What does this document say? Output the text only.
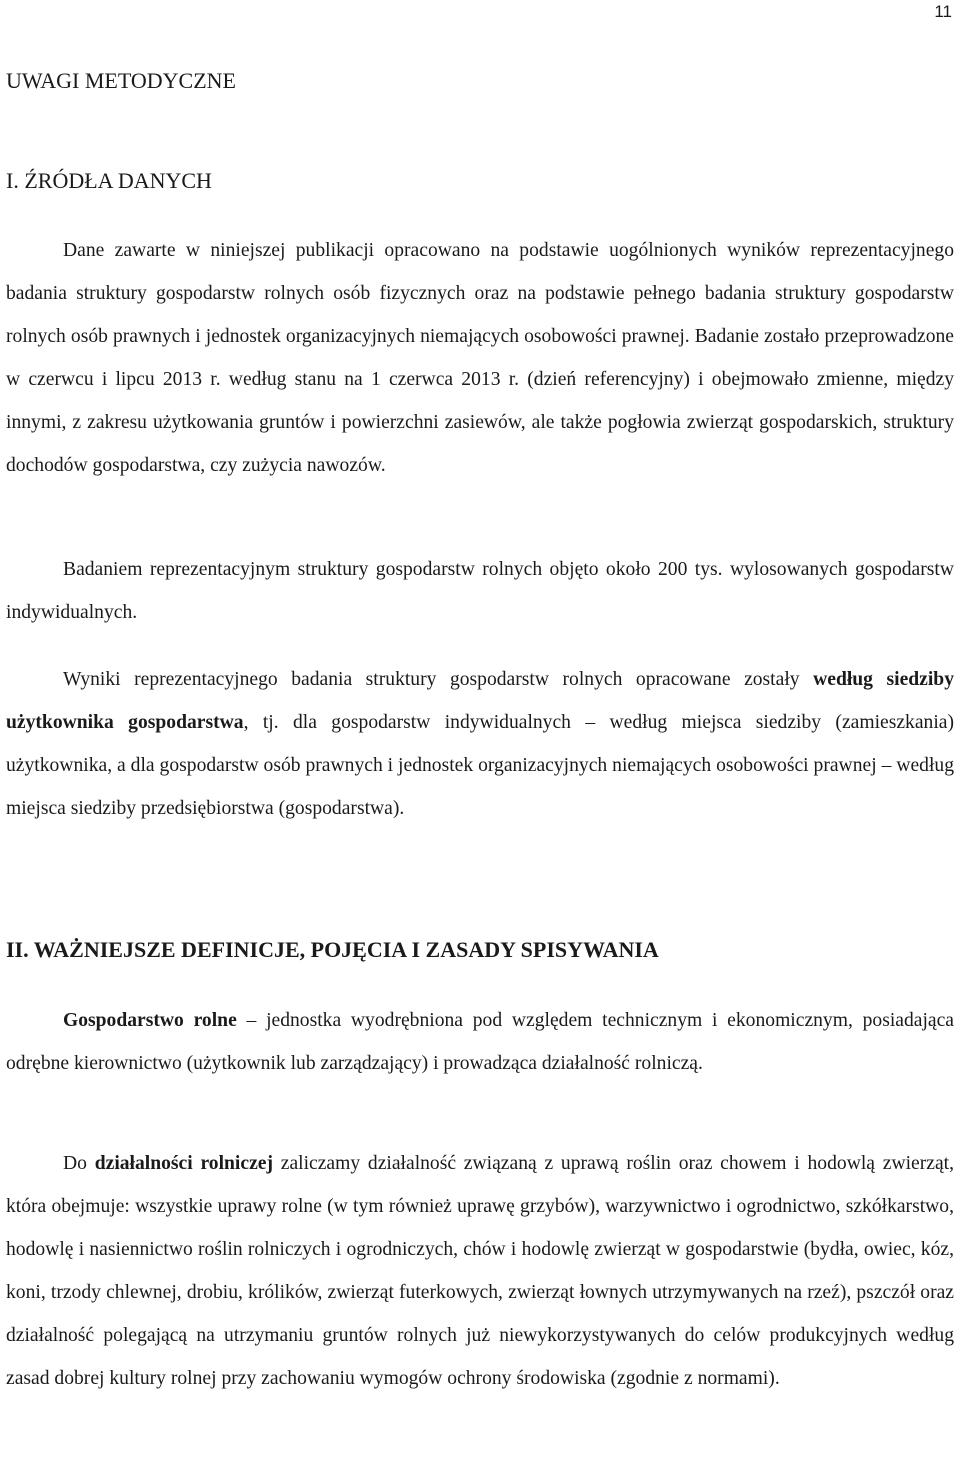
11
UWAGI METODYCZNE
I. ŹRÓDŁA DANYCH

Dane zawarte w niniejszej publikacji opracowano na podstawie uogólnionych wyników reprezentacyjnego badania struktury gospodarstw rolnych osób fizycznych oraz na podstawie pełnego badania struktury gospodarstw rolnych osób prawnych i jednostek organizacyjnych niemających osobowości prawnej. Badanie zostało przeprowadzone w czerwcu i lipcu 2013 r. według stanu na 1 czerwca 2013 r. (dzień referencyjny) i obejmowało zmienne, między innymi, z zakresu użytkowania gruntów i powierzchni zasiewów, ale także pogłowia zwierząt gospodarskich, struktury dochodów gospodarstwa, czy zużycia nawozów.

Badaniem reprezentacyjnym struktury gospodarstw rolnych objęto około 200 tys. wylosowanych gospodarstw indywidualnych.

Wyniki reprezentacyjnego badania struktury gospodarstw rolnych opracowane zostały według siedziby użytkownika gospodarstwa, tj. dla gospodarstw indywidualnych – według miejsca siedziby (zamieszkania) użytkownika, a dla gospodarstw osób prawnych i jednostek organizacyjnych niemających osobowości prawnej – według miejsca siedziby przedsiębiorstwa (gospodarstwa).

II. WAŻNIEJSZE DEFINICJE, POJĘCIA I ZASADY SPISYWANIA

Gospodarstwo rolne – jednostka wyodrębniona pod względem technicznym i ekonomicznym, posiadająca odrębne kierownictwo (użytkownik lub zarządzający) i prowadząca działalność rolniczą.

Do działalności rolniczej zaliczamy działalność związaną z uprawą roślin oraz chowem i hodowlą zwierząt, która obejmuje: wszystkie uprawy rolne (w tym również uprawę grzybów), warzywnictwo i ogrodnictwo, szkółkarstwo, hodowlę i nasiennictwo roślin rolniczych i ogrodniczych, chów i hodowlę zwierząt w gospodarstwie (bydła, owiec, kóz, koni, trzody chlewnej, drobiu, królików, zwierząt futerkowych, zwierząt łownych utrzymywanych na rzeź), pszczół oraz działalność polegającą na utrzymaniu gruntów rolnych już niewykorzystywanych do celów produkcyjnych według zasad dobrej kultury rolnej przy zachowaniu wymogów ochrony środowiska (zgodnie z normami).
